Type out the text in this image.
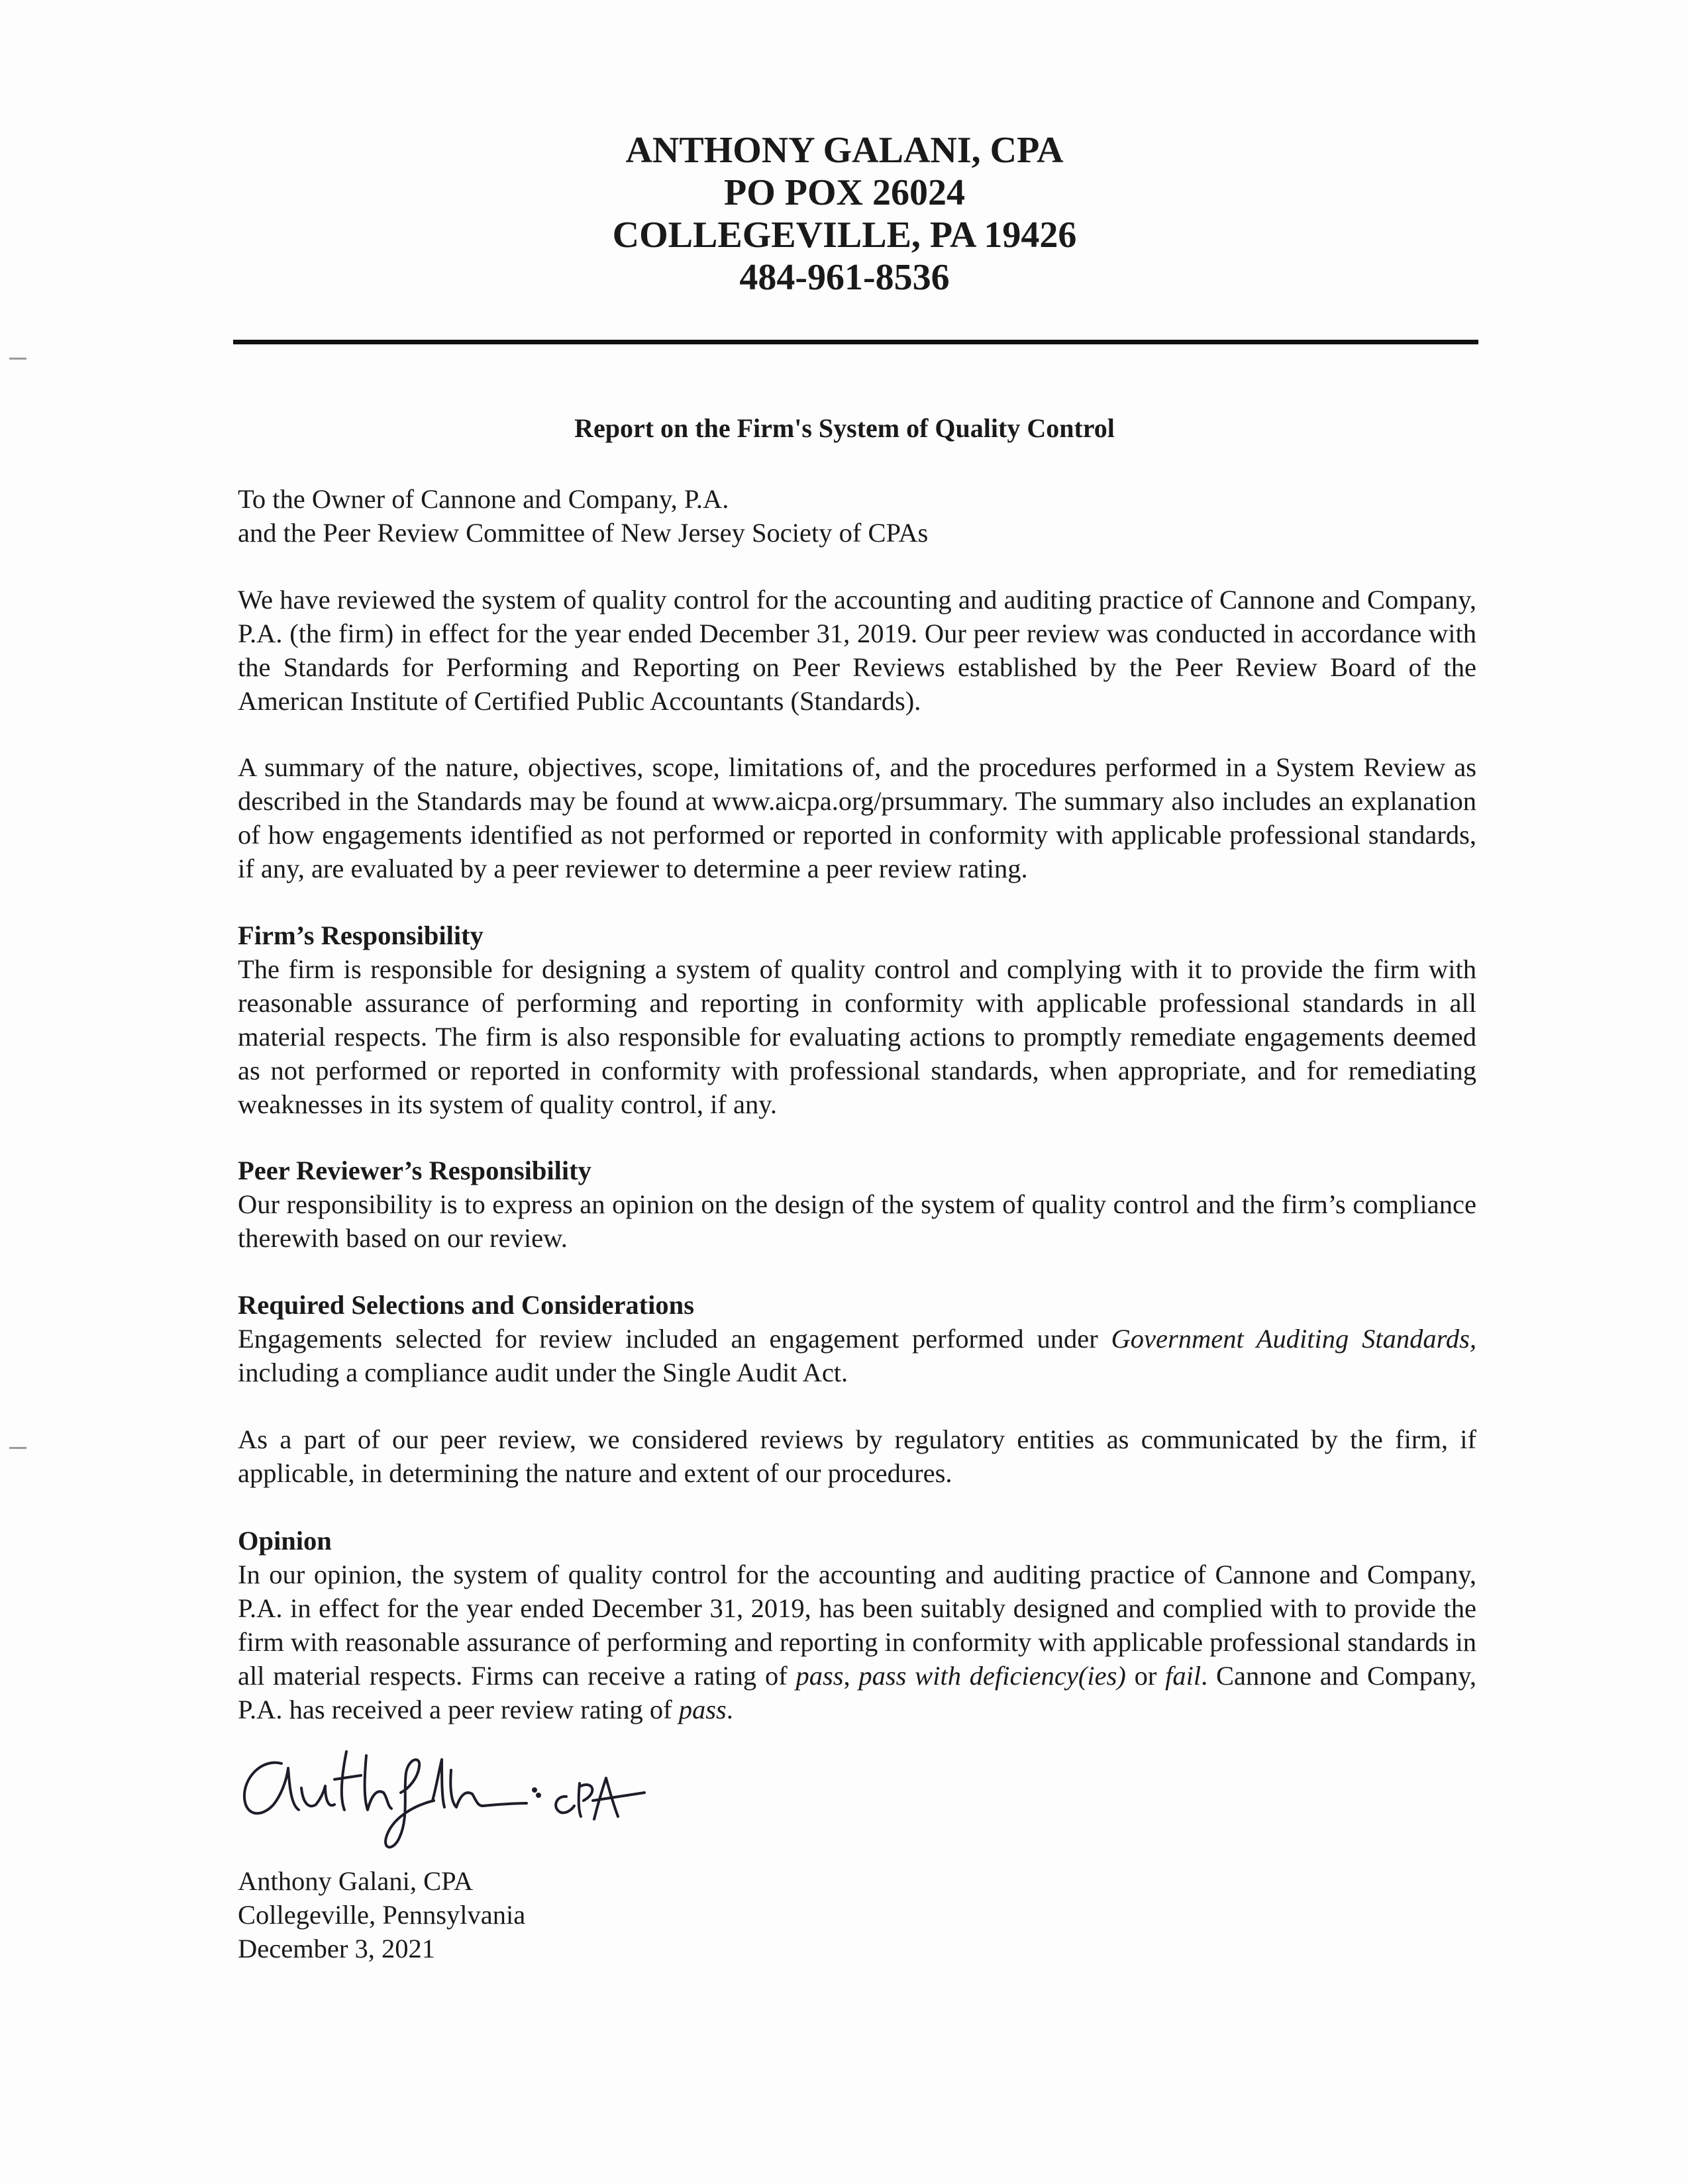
ANTHONY GALANI, CPA
PO POX 26024
COLLEGEVILLE, PA 19426
484-961-8536
Report on the Firm's System of Quality Control
To the Owner of Cannone and Company, P.A.
and the Peer Review Committee of New Jersey Society of CPAs
We have reviewed the system of quality control for the accounting and auditing practice of Cannone and Company, P.A. (the firm) in effect for the year ended December 31, 2019. Our peer review was conducted in accordance with the Standards for Performing and Reporting on Peer Reviews established by the Peer Review Board of the American Institute of Certified Public Accountants (Standards).
A summary of the nature, objectives, scope, limitations of, and the procedures performed in a System Review as described in the Standards may be found at www.aicpa.org/prsummary. The summary also includes an explanation of how engagements identified as not performed or reported in conformity with applicable professional standards, if any, are evaluated by a peer reviewer to determine a peer review rating.
Firm’s Responsibility

The firm is responsible for designing a system of quality control and complying with it to provide the firm with reasonable assurance of performing and reporting in conformity with applicable professional standards in all material respects. The firm is also responsible for evaluating actions to promptly remediate engagements deemed as not performed or reported in conformity with professional standards, when appropriate, and for remediating weaknesses in its system of quality control, if any.

Peer Reviewer’s Responsibility

Our responsibility is to express an opinion on the design of the system of quality control and the firm’s compliance therewith based on our review.

Required Selections and Considerations

Engagements selected for review included an engagement performed under Government Auditing Standards, including a compliance audit under the Single Audit Act.

As a part of our peer review, we considered reviews by regulatory entities as communicated by the firm, if applicable, in determining the nature and extent of our procedures.
Opinion

In our opinion, the system of quality control for the accounting and auditing practice of Cannone and Company, P.A. in effect for the year ended December 31, 2019, has been suitably designed and complied with to provide the firm with reasonable assurance of performing and reporting in conformity with applicable professional standards in all material respects. Firms can receive a rating of pass, pass with deficiency(ies) or fail. Cannone and Company, P.A. has received a peer review rating of pass.

Anthony Galani, CPA
Collegeville, Pennsylvania
December 3, 2021
